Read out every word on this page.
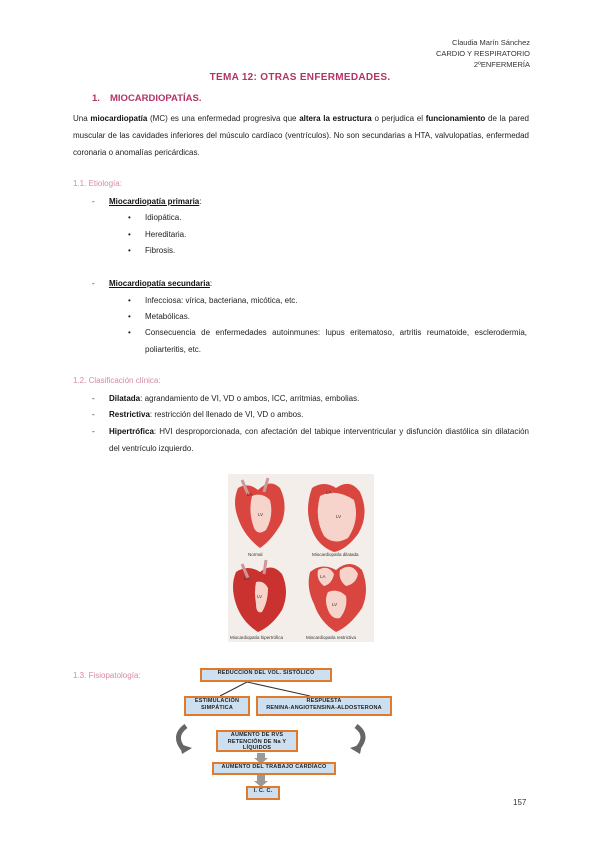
Claudia Marín Sánchez
CARDIO Y RESPIRATORIO
2ºENFERMERÍA
TEMA 12: OTRAS ENFERMEDADES.
1. MIOCARDIOPATÍAS.
Una miocardiopatía (MC) es una enfermedad progresiva que altera la estructura o perjudica el funcionamiento de la pared muscular de las cavidades inferiores del músculo cardíaco (ventrículos). No son secundarias a HTA, valvulopatías, enfermedad coronaria o anomalías pericárdicas.
1.1. Etiología:
- Miocardiopatía primaria:
• Idiopática.
• Hereditaria.
• Fibrosis.
- Miocardiopatía secundaria:
• Infecciosa: vírica, bacteriana, micótica, etc.
• Metabólicas.
• Consecuencia de enfermedades autoinmunes: lupus eritematoso, artritis reumatoide, esclerodermia, poliarteritis, etc.
1.2. Clasificación clínica:
- Dilatada: agrandamiento de VI, VD o ambos, ICC, arritmias, embolias.
- Restrictiva: restricción del llenado de VI, VD o ambos.
- Hipertrófica: HVI desproporcionada, con afectación del tabique interventricular y disfunción diastólica sin dilatación del ventrículo izquierdo.
LA
LV
LA
LV
LA
LV
LA
LV
Normal	Miocardiopatía dilatada
Miocardiopatía hipertrófica	Miocardiopatía restrictiva
1.3. Fisiopatología:	REDUCCION DEL VOL. SISTÓLICO
ESTIMULACIÓN SIMPÁTICA
RESPUESTA
RENINA-ANGIOTENSINA-ALDOSTERONA
AUMENTO DE RVS
RETENCIÓN DE Na Y LÍQUIDOS
AUMENTO DEL TRABAJO CARDÍACO
I. C. C.
157
